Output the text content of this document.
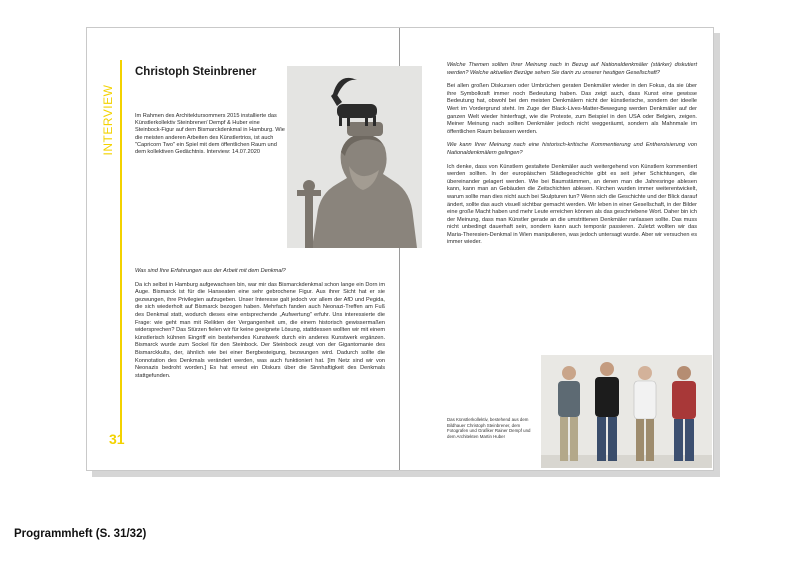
INTERVIEW
Christoph Steinbrener
Im Rahmen des Architektursommers 2015 installierte das Künstlerkollektiv Steinbrener/ Dempf & Huber eine Steinbock-Figur auf dem Bismarckdenkmal in Hamburg. Wie die meisten anderen Arbeiten des Künstlertrios, ist auch "Capricorn Two" ein Spiel mit dem öffentlichen Raum und dem kollektiven Gedächtnis. Interview: 14.07.2020

Was sind Ihre Erfahrungen aus der Arbeit mit dem Denkmal?

Da ich selbst in Hamburg aufgewachsen bin, war mir das Bismarckdenkmal schon lange ein Dorn im Auge. Bismarck ist für die Hanseaten eine sehr gebrochene Figur. Aus ihrer Sicht hat er sie gezwungen, ihre Privilegien aufzugeben. Unser Interesse galt jedoch vor allem der AfD und Pegida, die sich wiederholt auf Bismarck bezogen haben. Mehrfach fanden auch Neonazi-Treffen am Fuß des Denkmal statt, wodurch dieses eine entsprechende „Aufwertung" erfuhr. Uns interessierte die Frage: wie geht man mit Relikten der Vergangenheit um, die einem historisch gewissermaßen widersprechen? Das Stürzen fielen wir für keine geeignete Lösung, stattdessen wollten wir mit einem künstlerisch kühnen Eingriff ein bestehendes Kunstwerk durch ein anderes Kunstwerk ergänzen. Bismarck wurde zum Sockel für den Steinbock. Der Steinbock zeugt von der Gigantomanie des Bismarckkults, der, ähnlich wie bei einer Bergbesteigung, bezwungen wird. Dadurch sollte die Konnotation des Denkmals verändert werden, was auch funktioniert hat. [Im Netz sind wir von Neonazis bedroht worden.] Es hat erneut ein Diskurs über die Sinnhaftigkeit des Denkmals stattgefunden.

31

Welche Themen sollten Ihrer Meinung nach in Bezug auf Nationaldenkmäler (stärker) diskutiert werden? Welche aktuellen Bezüge sehen Sie darin zu unserer heutigen Gesellschaft?

Bei allen großen Diskursen oder Umbrüchen geraten Denkmäler wieder in den Fokus, da sie über ihre Symbolkraft immer noch Bedeutung haben. Das zeigt auch, dass Kunst eine gewisse Bedeutung hat, obwohl bei den meisten Denkmälern nicht der künstlerische, sondern der ideelle Wert im Vordergrund steht. Im Zuge der Black-Lives-Matter-Bewegung werden Denkmäler auf der ganzen Welt wieder hinterfragt, wie die Proteste, zum Beispiel in den USA oder Belgien, zeigen. Meiner Meinung nach sollten Denkmäler jedoch nicht weggeräumt, sondern als Mahnmale im öffentlichen Raum belassen werden.

Wie kann Ihrer Meinung nach eine historisch-kritische Kommentierung und Entheroisierung von Nationaldenkmälern gelingen?

Ich denke, dass von Künstlern gestaltete Denkmäler auch weitergehend von Künstlern kommentiert werden sollten. In der europäischen Städtegeschichte gibt es seit jeher Schichtungen, die übereinander gelagert werden. Wie bei Baumstämmen, an denen man die Jahresringe ablesen kann, kann man an Gebäuden die Zeitschichten ablesen. Kirchen wurden immer weiterentwickelt, warum sollte man dies nicht auch bei Skulpturen tun? Wenn sich die Geschichte und der Blick darauf ändert, sollte das auch visuell sichtbar gemacht werden. Wir leben in einer Gesellschaft, in der Bilder eine große Macht haben und mehr Leute erreichen können als das geschriebene Wort. Daher bin ich der Meinung, dass man Künstler gerade an die umstrittenen Denkmäler ranlassen sollte. Das muss nicht unbedingt dauerhaft sein, sondern kann auch temporär passieren. Zuletzt wollten wir das Maria-Theresien-Denkmal in Wien manipulieren, was jedoch untersagt wurde. Aber wir versuchen es immer wieder.

Das Künstlerkollektiv, bestehend aus dem Bildhauer Christoph Steinbrener, dem Fotografen und Grafiker Rainer Dempf und dem Architekten Martin Huber
Programmheft (S. 31/32)
